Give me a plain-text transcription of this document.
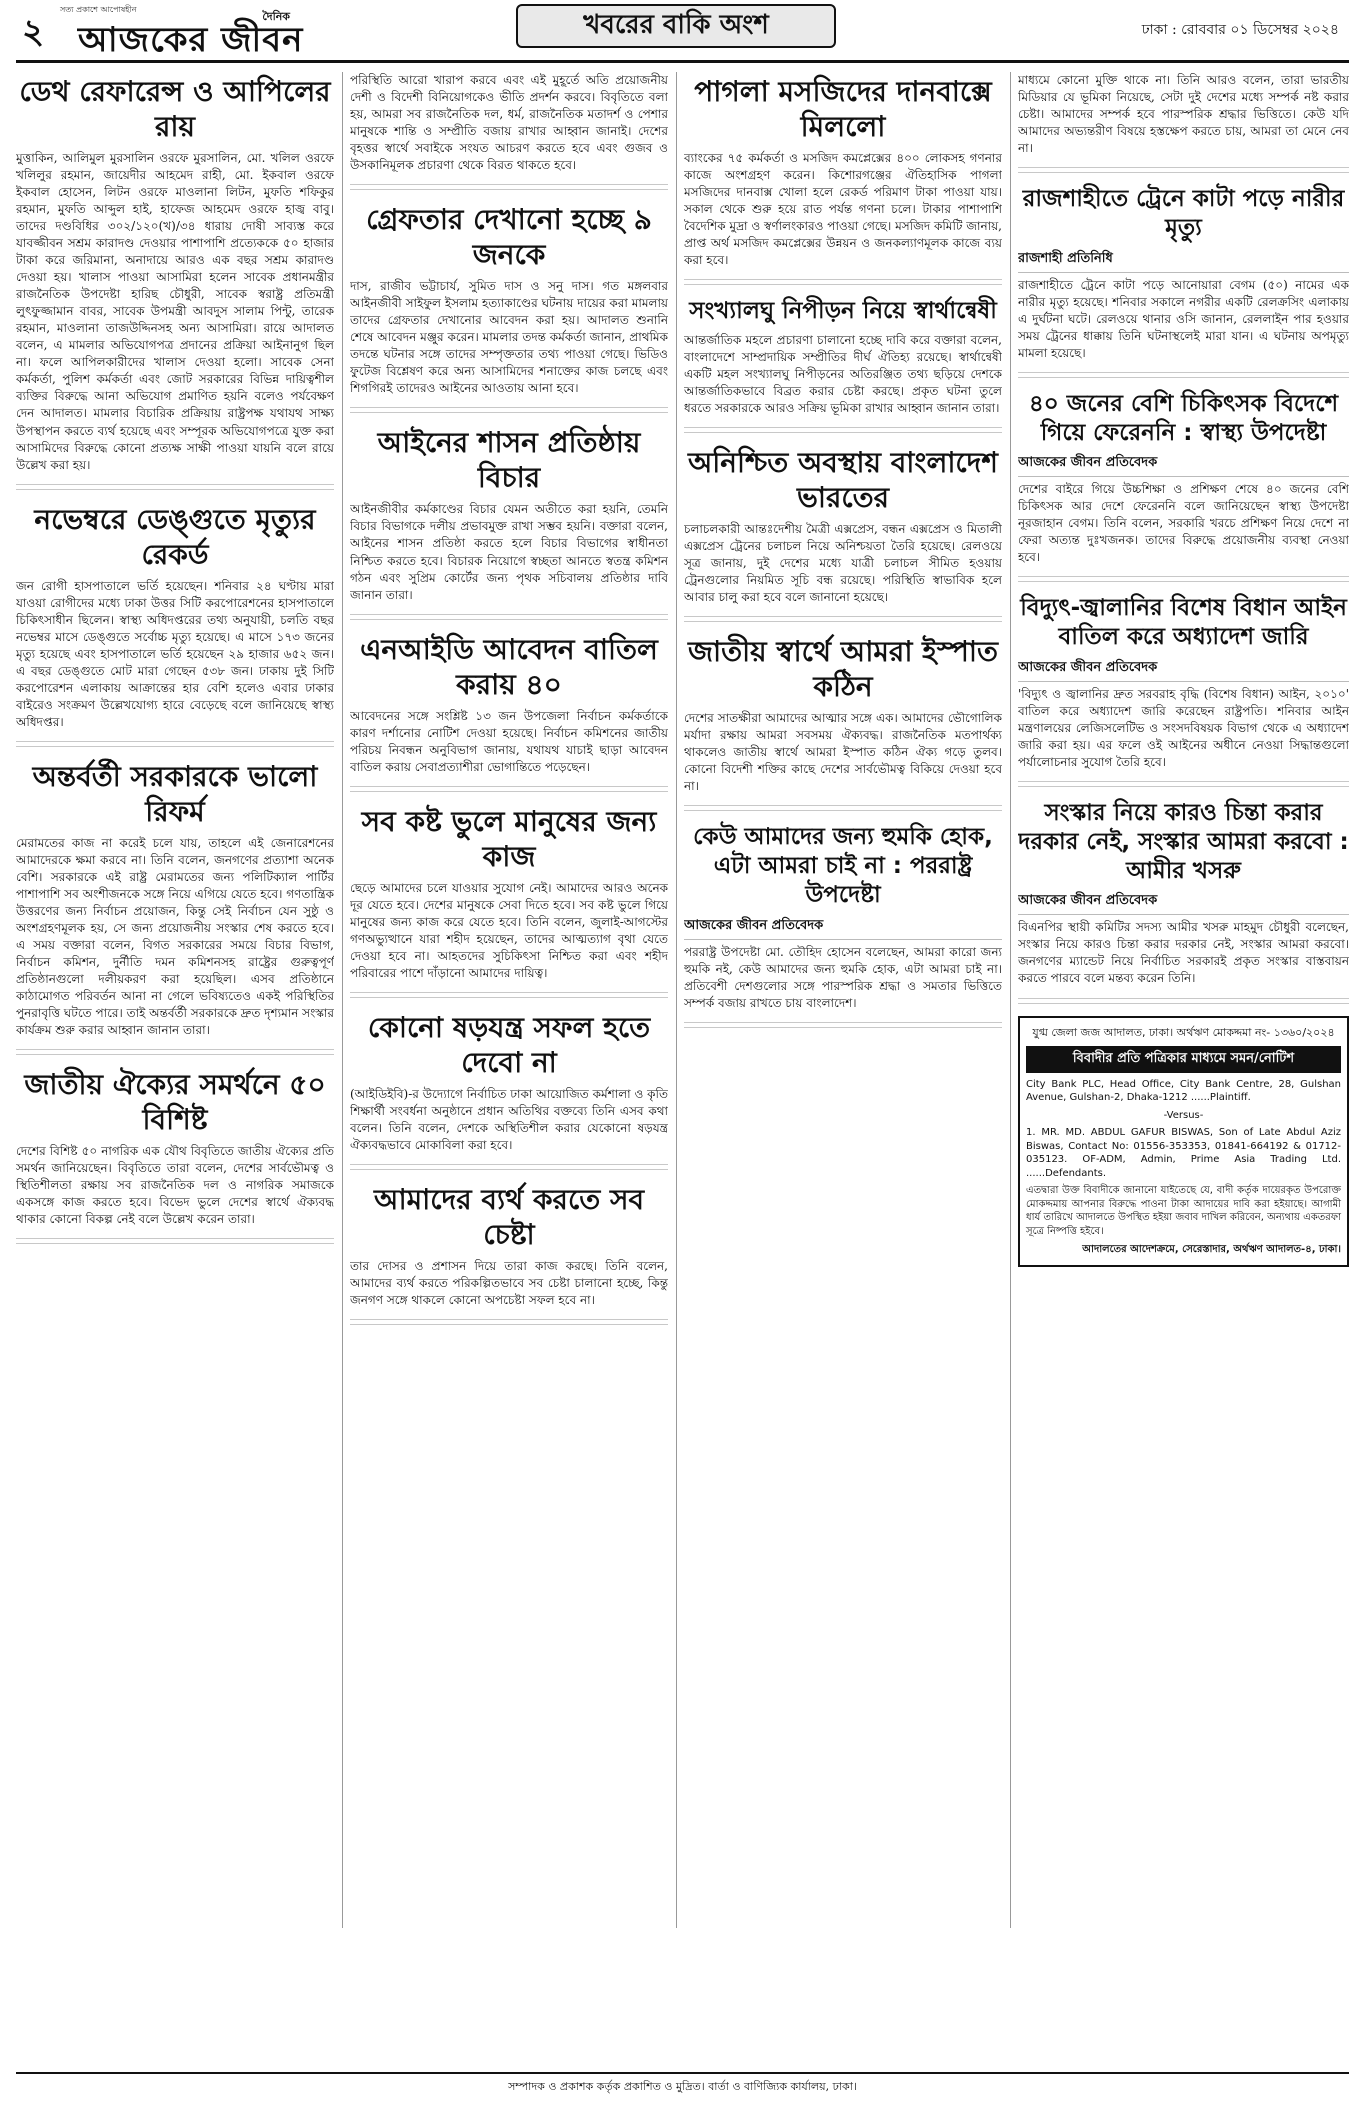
২
সত্য প্রকাশে আপোষহীন
আজকের জীবন
দৈনিক	খবরের বাকি অংশ	ঢাকা : রোববার ০১ ডিসেম্বর ২০২৪
ডেথ রেফারেন্স ও আপিলের রায়

মুত্তাকিন, আলিমুল মুরসালিন ওরফে মুরসালিন, মো. খলিল ওরফে খলিলুর রহমান, জায়েদীর আহমেদ রাহী, মো. ইকবাল ওরফে ইকবাল হোসেন, লিটন ওরফে মাওলানা লিটন, মুফতি শফিকুর রহমান, মুফতি আব্দুল হাই, হাফেজ আহমেদ ওরফে হাজ্ব বাবু। তাদের দণ্ডবিধির ৩০২/১২০(খ)/৩৪ ধারায় দোষী সাব্যস্ত করে যাবজ্জীবন সশ্রম কারাদণ্ড দেওয়ার পাশাপাশি প্রত্যেককে ৫০ হাজার টাকা করে জরিমানা, অনাদায়ে আরও এক বছর সশ্রম কারাদণ্ড দেওয়া হয়। খালাস পাওয়া আসামিরা হলেন সাবেক প্রধানমন্ত্রীর রাজনৈতিক উপদেষ্টা হারিছ চৌধুরী, সাবেক স্বরাষ্ট্র প্রতিমন্ত্রী লুৎফুজ্জামান বাবর, সাবেক উপমন্ত্রী আবদুস সালাম পিন্টু, তারেক রহমান, মাওলানা তাজউদ্দিনসহ অন্য আসামিরা। রায়ে আদালত বলেন, এ মামলার অভিযোগপত্র প্রদানের প্রক্রিয়া আইনানুগ ছিল না। ফলে আপিলকারীদের খালাস দেওয়া হলো। সাবেক সেনা কর্মকর্তা, পুলিশ কর্মকর্তা এবং জোট সরকারের বিভিন্ন দায়িত্বশীল ব্যক্তির বিরুদ্ধে আনা অভিযোগ প্রমাণিত হয়নি বলেও পর্যবেক্ষণ দেন আদালত। মামলার বিচারিক প্রক্রিয়ায় রাষ্ট্রপক্ষ যথাযথ সাক্ষ্য উপস্থাপন করতে ব্যর্থ হয়েছে এবং সম্পূরক অভিযোগপত্রে যুক্ত করা আসামিদের বিরুদ্ধে কোনো প্রত্যক্ষ সাক্ষী পাওয়া যায়নি বলে রায়ে উল্লেখ করা হয়।

নভেম্বরে ডেঙ্গুতে মৃত্যুর রেকর্ড

জন রোগী হাসপাতালে ভর্তি হয়েছেন। শনিবার ২৪ ঘণ্টায় মারা যাওয়া রোগীদের মধ্যে ঢাকা উত্তর সিটি করপোরেশনের হাসপাতালে চিকিৎসাধীন ছিলেন। স্বাস্থ্য অধিদপ্তরের তথ্য অনুযায়ী, চলতি বছর নভেম্বর মাসে ডেঙ্গুতে সর্বোচ্চ মৃত্যু হয়েছে। এ মাসে ১৭৩ জনের মৃত্যু হয়েছে এবং হাসপাতালে ভর্তি হয়েছেন ২৯ হাজার ৬৫২ জন। এ বছর ডেঙ্গুতে মোট মারা গেছেন ৫৩৮ জন। ঢাকায় দুই সিটি করপোরেশন এলাকায় আক্রান্তের হার বেশি হলেও এবার ঢাকার বাইরেও সংক্রমণ উল্লেখযোগ্য হারে বেড়েছে বলে জানিয়েছে স্বাস্থ্য অধিদপ্তর।

অন্তর্বর্তী সরকারকে ভালো রিফর্ম

মেরামতের কাজ না করেই চলে যায়, তাহলে এই জেনারেশনের আমাদেরকে ক্ষমা করবে না। তিনি বলেন, জনগণের প্রত্যাশা অনেক বেশি। সরকারকে এই রাষ্ট্র মেরামতের জন্য পলিটিক্যাল পার্টির পাশাপাশি সব অংশীজনকে সঙ্গে নিয়ে এগিয়ে যেতে হবে। গণতান্ত্রিক উত্তরণের জন্য নির্বাচন প্রয়োজন, কিন্তু সেই নির্বাচন যেন সুষ্ঠু ও অংশগ্রহণমূলক হয়, সে জন্য প্রয়োজনীয় সংস্কার শেষ করতে হবে। এ সময় বক্তারা বলেন, বিগত সরকারের সময়ে বিচার বিভাগ, নির্বাচন কমিশন, দুর্নীতি দমন কমিশনসহ রাষ্ট্রের গুরুত্বপূর্ণ প্রতিষ্ঠানগুলো দলীয়করণ করা হয়েছিল। এসব প্রতিষ্ঠানে কাঠামোগত পরিবর্তন আনা না গেলে ভবিষ্যতেও একই পরিস্থিতির পুনরাবৃত্তি ঘটতে পারে। তাই অন্তর্বর্তী সরকারকে দ্রুত দৃশ্যমান সংস্কার কার্যক্রম শুরু করার আহ্বান জানান তারা।

জাতীয় ঐক্যের সমর্থনে ৫০ বিশিষ্ট

দেশের বিশিষ্ট ৫০ নাগরিক এক যৌথ বিবৃতিতে জাতীয় ঐক্যের প্রতি সমর্থন জানিয়েছেন। বিবৃতিতে তারা বলেন, দেশের সার্বভৌমত্ব ও স্থিতিশীলতা রক্ষায় সব রাজনৈতিক দল ও নাগরিক সমাজকে একসঙ্গে কাজ করতে হবে। বিভেদ ভুলে দেশের স্বার্থে ঐক্যবদ্ধ থাকার কোনো বিকল্প নেই বলে উল্লেখ করেন তারা।

পরিস্থিতি আরো খারাপ করবে এবং এই মুহূর্তে অতি প্রয়োজনীয় দেশী ও বিদেশী বিনিয়োগকেও ভীতি প্রদর্শন করবে। বিবৃতিতে বলা হয়, আমরা সব রাজনৈতিক দল, ধর্ম, রাজনৈতিক মতাদর্শ ও পেশার মানুষকে শান্তি ও সম্প্রীতি বজায় রাখার আহ্বান জানাই। দেশের বৃহত্তর স্বার্থে সবাইকে সংযত আচরণ করতে হবে এবং গুজব ও উসকানিমূলক প্রচারণা থেকে বিরত থাকতে হবে।

গ্রেফতার দেখানো হচ্ছে ৯ জনকে

দাস, রাজীব ভট্টাচার্য, সুমিত দাস ও সনু দাস। গত মঙ্গলবার আইনজীবী সাইফুল ইসলাম হত্যাকাণ্ডের ঘটনায় দায়ের করা মামলায় তাদের গ্রেফতার দেখানোর আবেদন করা হয়। আদালত শুনানি শেষে আবেদন মঞ্জুর করেন। মামলার তদন্ত কর্মকর্তা জানান, প্রাথমিক তদন্তে ঘটনার সঙ্গে তাদের সম্পৃক্ততার তথ্য পাওয়া গেছে। ভিডিও ফুটেজ বিশ্লেষণ করে অন্য আসামিদের শনাক্তের কাজ চলছে এবং শিগগিরই তাদেরও আইনের আওতায় আনা হবে।

আইনের শাসন প্রতিষ্ঠায় বিচার

আইনজীবীর কর্মকাণ্ডের বিচার যেমন অতীতে করা হয়নি, তেমনি বিচার বিভাগকে দলীয় প্রভাবমুক্ত রাখা সম্ভব হয়নি। বক্তারা বলেন, আইনের শাসন প্রতিষ্ঠা করতে হলে বিচার বিভাগের স্বাধীনতা নিশ্চিত করতে হবে। বিচারক নিয়োগে স্বচ্ছতা আনতে স্বতন্ত্র কমিশন গঠন এবং সুপ্রিম কোর্টের জন্য পৃথক সচিবালয় প্রতিষ্ঠার দাবি জানান তারা।

এনআইডি আবেদন বাতিল করায় ৪০

আবেদনের সঙ্গে সংশ্লিষ্ট ১৩ জন উপজেলা নির্বাচন কর্মকর্তাকে কারণ দর্শানোর নোটিশ দেওয়া হয়েছে। নির্বাচন কমিশনের জাতীয় পরিচয় নিবন্ধন অনুবিভাগ জানায়, যথাযথ যাচাই ছাড়া আবেদন বাতিল করায় সেবাপ্রত্যাশীরা ভোগান্তিতে পড়েছেন।

সব কষ্ট ভুলে মানুষের জন্য কাজ

ছেড়ে আমাদের চলে যাওয়ার সুযোগ নেই। আমাদের আরও অনেক দূর যেতে হবে। দেশের মানুষকে সেবা দিতে হবে। সব কষ্ট ভুলে গিয়ে মানুষের জন্য কাজ করে যেতে হবে। তিনি বলেন, জুলাই-আগস্টের গণঅভ্যুত্থানে যারা শহীদ হয়েছেন, তাদের আত্মত্যাগ বৃথা যেতে দেওয়া হবে না। আহতদের সুচিকিৎসা নিশ্চিত করা এবং শহীদ পরিবারের পাশে দাঁড়ানো আমাদের দায়িত্ব।

কোনো ষড়যন্ত্র সফল হতে দেবো না

(আইডিইবি)-র উদ্যোগে নির্বাচিত ঢাকা আয়োজিত কর্মশালা ও কৃতি শিক্ষার্থী সংবর্ধনা অনুষ্ঠানে প্রধান অতিথির বক্তব্যে তিনি এসব কথা বলেন। তিনি বলেন, দেশকে অস্থিতিশীল করার যেকোনো ষড়যন্ত্র ঐক্যবদ্ধভাবে মোকাবিলা করা হবে।

আমাদের ব্যর্থ করতে সব চেষ্টা

তার দোসর ও প্রশাসন দিয়ে তারা কাজ করছে। তিনি বলেন, আমাদের ব্যর্থ করতে পরিকল্পিতভাবে সব চেষ্টা চালানো হচ্ছে, কিন্তু জনগণ সঙ্গে থাকলে কোনো অপচেষ্টা সফল হবে না।

পাগলা মসজিদের দানবাক্সে মিললো

ব্যাংকের ৭৫ কর্মকর্তা ও মসজিদ কমপ্লেক্সের ৪০০ লোকসহ গণনার কাজে অংশগ্রহণ করেন। কিশোরগঞ্জের ঐতিহাসিক পাগলা মসজিদের দানবাক্স খোলা হলে রেকর্ড পরিমাণ টাকা পাওয়া যায়। সকাল থেকে শুরু হয়ে রাত পর্যন্ত গণনা চলে। টাকার পাশাপাশি বৈদেশিক মুদ্রা ও স্বর্ণালংকারও পাওয়া গেছে। মসজিদ কমিটি জানায়, প্রাপ্ত অর্থ মসজিদ কমপ্লেক্সের উন্নয়ন ও জনকল্যাণমূলক কাজে ব্যয় করা হবে।

সংখ্যালঘু নিপীড়ন নিয়ে স্বার্থান্বেষী

আন্তর্জাতিক মহলে প্রচারণা চালানো হচ্ছে দাবি করে বক্তারা বলেন, বাংলাদেশে সাম্প্রদায়িক সম্প্রীতির দীর্ঘ ঐতিহ্য রয়েছে। স্বার্থান্বেষী একটি মহল সংখ্যালঘু নিপীড়নের অতিরঞ্জিত তথ্য ছড়িয়ে দেশকে আন্তর্জাতিকভাবে বিব্রত করার চেষ্টা করছে। প্রকৃত ঘটনা তুলে ধরতে সরকারকে আরও সক্রিয় ভূমিকা রাখার আহ্বান জানান তারা।

অনিশ্চিত অবস্থায় বাংলাদেশ ভারতের

চলাচলকারী আন্তঃদেশীয় মৈত্রী এক্সপ্রেস, বন্ধন এক্সপ্রেস ও মিতালী এক্সপ্রেস ট্রেনের চলাচল নিয়ে অনিশ্চয়তা তৈরি হয়েছে। রেলওয়ে সূত্র জানায়, দুই দেশের মধ্যে যাত্রী চলাচল সীমিত হওয়ায় ট্রেনগুলোর নিয়মিত সূচি বন্ধ রয়েছে। পরিস্থিতি স্বাভাবিক হলে আবার চালু করা হবে বলে জানানো হয়েছে।

জাতীয় স্বার্থে আমরা ইস্পাত কঠিন

দেশের সাতক্ষীরা আমাদের আত্মার সঙ্গে এক। আমাদের ভৌগোলিক মর্যাদা রক্ষায় আমরা সবসময় ঐক্যবদ্ধ। রাজনৈতিক মতপার্থক্য থাকলেও জাতীয় স্বার্থে আমরা ইস্পাত কঠিন ঐক্য গড়ে তুলব। কোনো বিদেশী শক্তির কাছে দেশের সার্বভৌমত্ব বিকিয়ে দেওয়া হবে না।

কেউ আমাদের জন্য হুমকি হোক, এটা আমরা চাই না : পররাষ্ট্র উপদেষ্টা

আজকের জীবন প্রতিবেদক

পররাষ্ট্র উপদেষ্টা মো. তৌহিদ হোসেন বলেছেন, আমরা কারো জন্য হুমকি নই, কেউ আমাদের জন্য হুমকি হোক, এটা আমরা চাই না। প্রতিবেশী দেশগুলোর সঙ্গে পারস্পরিক শ্রদ্ধা ও সমতার ভিত্তিতে সম্পর্ক বজায় রাখতে চায় বাংলাদেশ।

মাধ্যমে কোনো মুক্তি থাকে না। তিনি আরও বলেন, তারা ভারতীয় মিডিয়ার যে ভূমিকা নিয়েছে, সেটা দুই দেশের মধ্যে সম্পর্ক নষ্ট করার চেষ্টা। আমাদের সম্পর্ক হবে পারস্পরিক শ্রদ্ধার ভিত্তিতে। কেউ যদি আমাদের অভ্যন্তরীণ বিষয়ে হস্তক্ষেপ করতে চায়, আমরা তা মেনে নেব না।

রাজশাহীতে ট্রেনে কাটা পড়ে নারীর মৃত্যু

রাজশাহী প্রতিনিধি

রাজশাহীতে ট্রেনে কাটা পড়ে আনোয়ারা বেগম (৫০) নামের এক নারীর মৃত্যু হয়েছে। শনিবার সকালে নগরীর একটি রেলক্রসিং এলাকায় এ দুর্ঘটনা ঘটে। রেলওয়ে থানার ওসি জানান, রেললাইন পার হওয়ার সময় ট্রেনের ধাক্কায় তিনি ঘটনাস্থলেই মারা যান। এ ঘটনায় অপমৃত্যু মামলা হয়েছে।

৪০ জনের বেশি চিকিৎসক বিদেশে গিয়ে ফেরেননি : স্বাস্থ্য উপদেষ্টা

আজকের জীবন প্রতিবেদক

দেশের বাইরে গিয়ে উচ্চশিক্ষা ও প্রশিক্ষণ শেষে ৪০ জনের বেশি চিকিৎসক আর দেশে ফেরেননি বলে জানিয়েছেন স্বাস্থ্য উপদেষ্টা নূরজাহান বেগম। তিনি বলেন, সরকারি খরচে প্রশিক্ষণ নিয়ে দেশে না ফেরা অত্যন্ত দুঃখজনক। তাদের বিরুদ্ধে প্রয়োজনীয় ব্যবস্থা নেওয়া হবে।

বিদ্যুৎ-জ্বালানির বিশেষ বিধান আইন বাতিল করে অধ্যাদেশ জারি

আজকের জীবন প্রতিবেদক

'বিদ্যুৎ ও জ্বালানির দ্রুত সরবরাহ বৃদ্ধি (বিশেষ বিধান) আইন, ২০১০' বাতিল করে অধ্যাদেশ জারি করেছেন রাষ্ট্রপতি। শনিবার আইন মন্ত্রণালয়ের লেজিসলেটিভ ও সংসদবিষয়ক বিভাগ থেকে এ অধ্যাদেশ জারি করা হয়। এর ফলে ওই আইনের অধীনে নেওয়া সিদ্ধান্তগুলো পর্যালোচনার সুযোগ তৈরি হবে।

সংস্কার নিয়ে কারও চিন্তা করার দরকার নেই, সংস্কার আমরা করবো : আমীর খসরু

আজকের জীবন প্রতিবেদক

বিএনপির স্থায়ী কমিটির সদস্য আমীর খসরু মাহমুদ চৌধুরী বলেছেন, সংস্কার নিয়ে কারও চিন্তা করার দরকার নেই, সংস্কার আমরা করবো। জনগণের ম্যান্ডেট নিয়ে নির্বাচিত সরকারই প্রকৃত সংস্কার বাস্তবায়ন করতে পারবে বলে মন্তব্য করেন তিনি।

যুগ্ম জেলা জজ আদালত, ঢাকা। অর্থঋণ মোকদ্দমা নং- ১৩৬০/২০২৪

বিবাদীর প্রতি পত্রিকার মাধ্যমে সমন/নোটিশ

City Bank PLC, Head Office, City Bank Centre, 28, Gulshan Avenue, Gulshan-2, Dhaka-1212 ......Plaintiff.

-Versus-

1. MR. MD. ABDUL GAFUR BISWAS, Son of Late Abdul Aziz Biswas, Contact No: 01556-353353, 01841-664192 & 01712-035123. OF-ADM, Admin, Prime Asia Trading Ltd. ......Defendants.

এতদ্বারা উক্ত বিবাদীকে জানানো যাইতেছে যে, বাদী কর্তৃক দায়েরকৃত উপরোক্ত মোকদ্দমায় আপনার বিরুদ্ধে পাওনা টাকা আদায়ের দাবি করা হইয়াছে। আগামী ধার্য তারিখে আদালতে উপস্থিত হইয়া জবাব দাখিল করিবেন, অন্যথায় একতরফা সূত্রে নিষ্পত্তি হইবে।

আদালতের আদেশক্রমে, সেরেস্তাদার, অর্থঋণ আদালত-৪, ঢাকা।

সম্পাদক ও প্রকাশক কর্তৃক প্রকাশিত ও মুদ্রিত। বার্তা ও বাণিজ্যিক কার্যালয়, ঢাকা।
